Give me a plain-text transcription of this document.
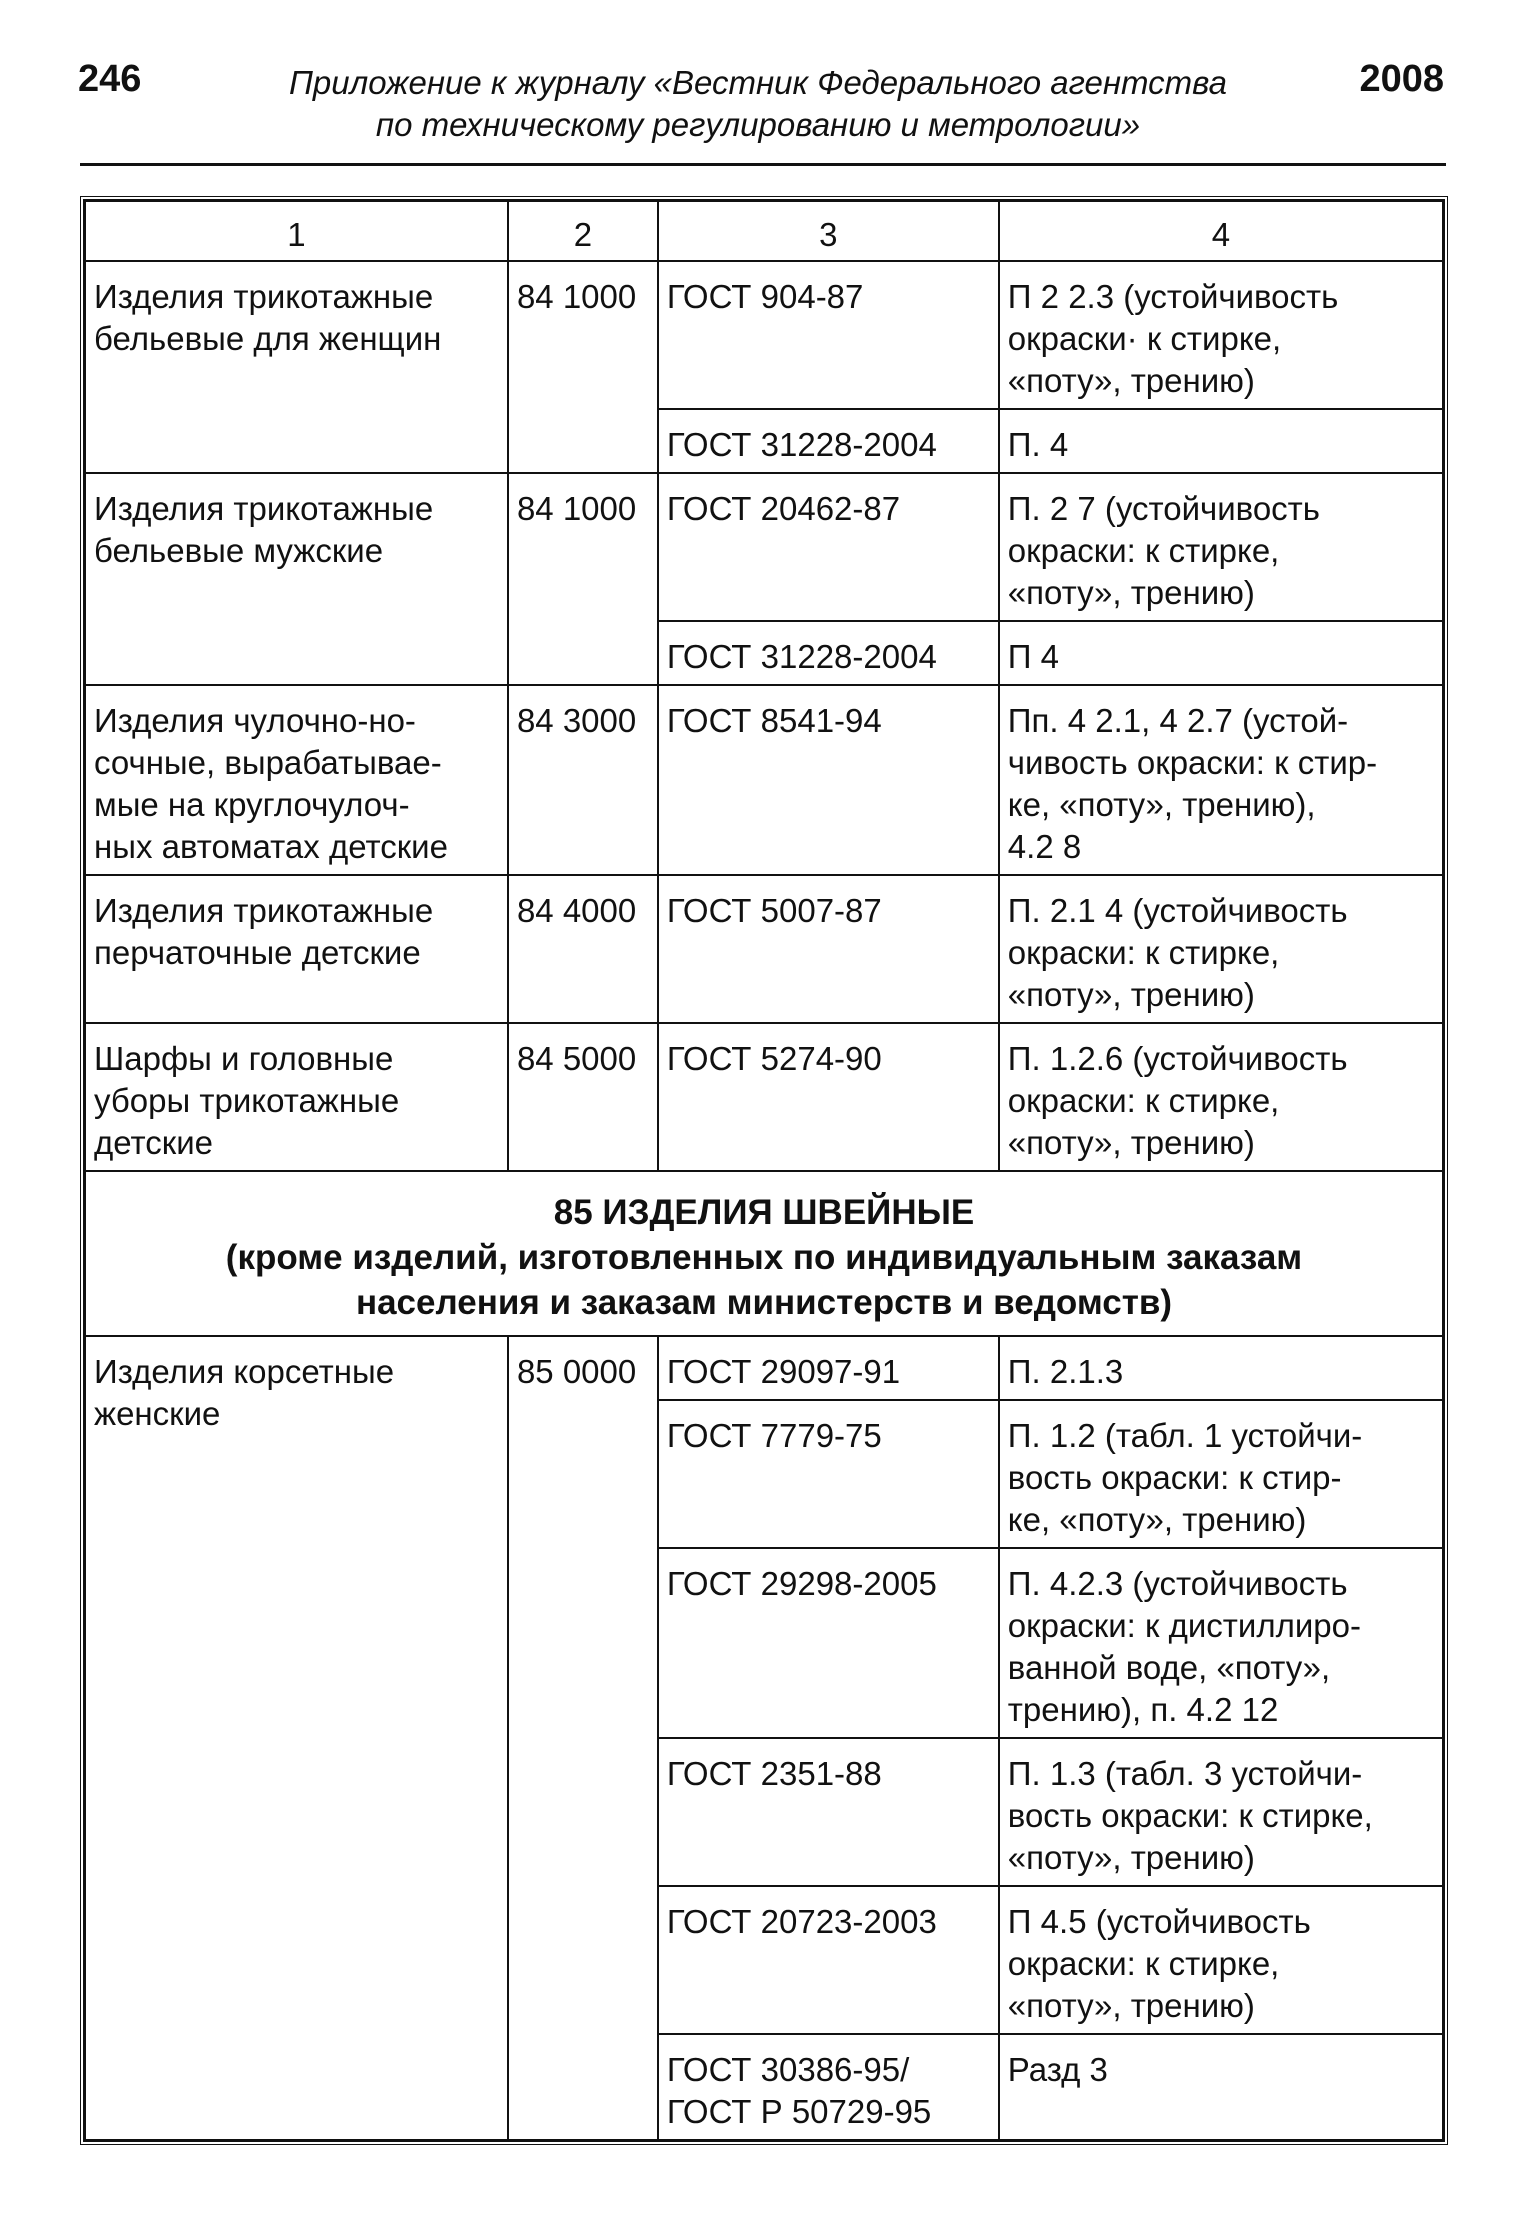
246	Приложение к журналу «Вестник Федерального агентства
по техническому регулированию и метрологии»
2008
1	2	3	4
Изделия трикотажные
бельевые для женщин	84 1000	ГОСТ 904-87	П 2 2.3 (устойчивость
окраски· к стирке,
«поту», трению)
		ГОСТ 31228-2004	П. 4
Изделия трикотажные
бельевые мужские	84 1000	ГОСТ 20462-87	П. 2 7 (устойчивость
окраски: к стирке,
«поту», трению)
		ГОСТ 31228-2004	П 4
Изделия чулочно-но-
сочные, вырабатывае-
мые на круглочулоч-
ных автоматах детские	84 3000	ГОСТ 8541-94	Пп. 4 2.1, 4 2.7 (устой-
чивость окраски: к стир-
ке, «поту», трению),
4.2 8
Изделия трикотажные
перчаточные детские	84 4000	ГОСТ 5007-87	П. 2.1 4 (устойчивость
окраски: к стирке,
«поту», трению)
Шарфы и головные
уборы трикотажные
детские	84 5000	ГОСТ 5274-90	П. 1.2.6 (устойчивость
окраски: к стирке,
«поту», трению)

85 ИЗДЕЛИЯ ШВЕЙНЫЕ
(кроме изделий, изготовленных по индивидуальным заказам
населения и заказам министерств и ведомств)			

Изделия корсетные
женские	85 0000	ГОСТ 29097-91	П. 2.1.3
		ГОСТ 7779-75	П. 1.2 (табл. 1 устойчи-
вость окраски: к стир-
ке, «поту», трению)
		ГОСТ 29298-2005	П. 4.2.3 (устойчивость
окраски: к дистиллиро-
ванной воде, «поту»,
трению), п. 4.2 12
		ГОСТ 2351-88	П. 1.3 (табл. 3 устойчи-
вость окраски: к стирке,
«поту», трению)
		ГОСТ 20723-2003	П 4.5 (устойчивость
окраски: к стирке,
«поту», трению)
		ГОСТ 30386-95/
ГОСТ Р 50729-95	Разд 3
